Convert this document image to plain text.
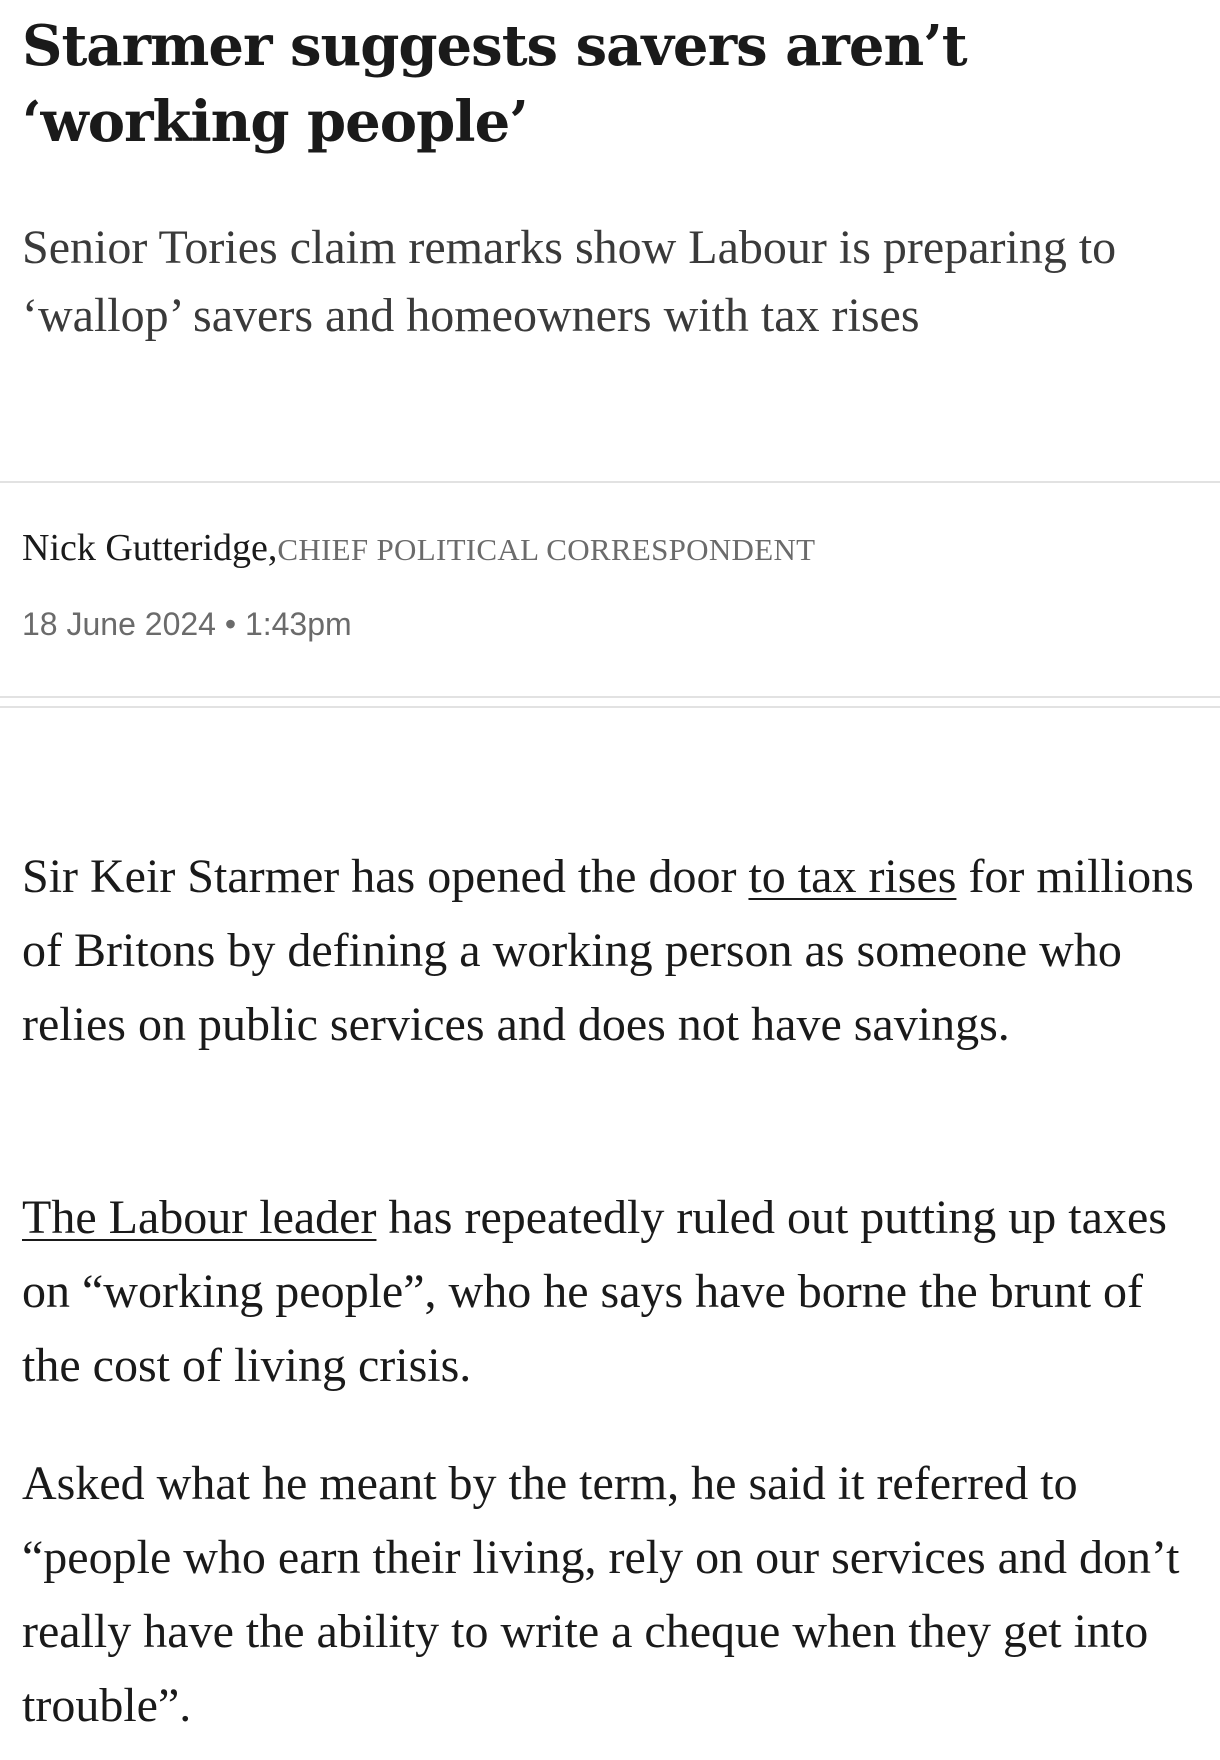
Starmer suggests savers aren’t ‘working people’

Senior Tories claim remarks show Labour is preparing to ‘wallop’ savers and homeowners with tax rises

Nick Gutteridge,CHIEF POLITICAL CORRESPONDENT

18 June 2024 • 1:43pm

Sir Keir Starmer has opened the door to tax rises for millions of Britons by defining a working person as someone who relies on public services and does not have savings.

The Labour leader has repeatedly ruled out putting up taxes on “working people”, who he says have borne the brunt of the cost of living crisis.

Asked what he meant by the term, he said it referred to “people who earn their living, rely on our services and don’t really have the ability to write a cheque when they get into trouble”.
